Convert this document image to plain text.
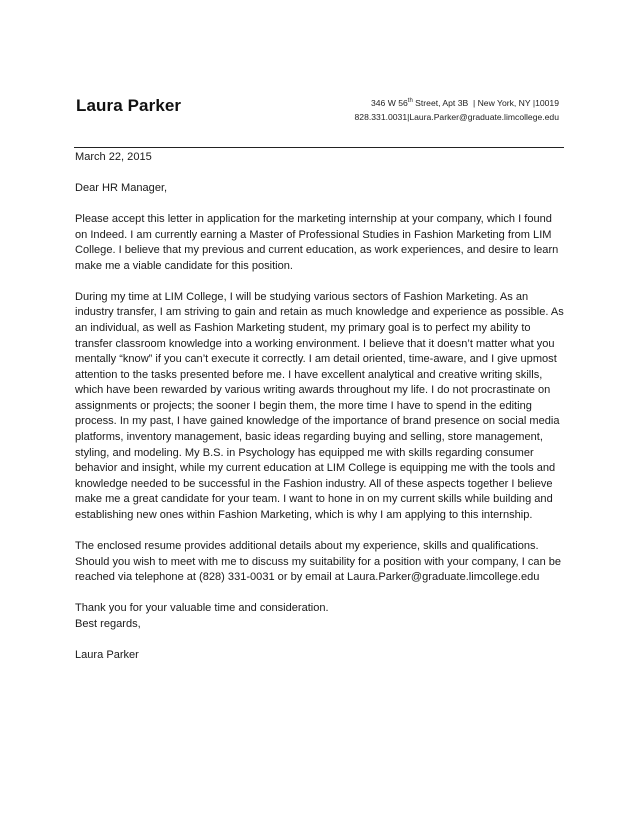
Laura Parker	346 W 56th Street, Apt 3B  | New York, NY |10019
828.331.0031|Laura.Parker@graduate.limcollege.edu

March 22, 2015

Dear HR Manager,

Please accept this letter in application for the marketing internship at your company, which I found on Indeed. I am currently earning a Master of Professional Studies in Fashion Marketing from LIM College. I believe that my previous and current education, as work experiences, and desire to learn make me a viable candidate for this position.

During my time at LIM College, I will be studying various sectors of Fashion Marketing. As an industry transfer, I am striving to gain and retain as much knowledge and experience as possible. As an individual, as well as Fashion Marketing student, my primary goal is to perfect my ability to transfer classroom knowledge into a working environment. I believe that it doesn’t matter what you mentally “know” if you can’t execute it correctly. I am detail oriented, time-aware, and I give upmost attention to the tasks presented before me. I have excellent analytical and creative writing skills, which have been rewarded by various writing awards throughout my life. I do not procrastinate on assignments or projects; the sooner I begin them, the more time I have to spend in the editing process. In my past, I have gained knowledge of the importance of brand presence on social media platforms, inventory management, basic ideas regarding buying and selling, store management, styling, and modeling. My B.S. in Psychology has equipped me with skills regarding consumer behavior and insight, while my current education at LIM College is equipping me with the tools and knowledge needed to be successful in the Fashion industry. All of these aspects together I believe make me a great candidate for your team. I want to hone in on my current skills while building and establishing new ones within Fashion Marketing, which is why I am applying to this internship.

The enclosed resume provides additional details about my experience, skills and qualifications. Should you wish to meet with me to discuss my suitability for a position with your company, I can be reached via telephone at (828) 331-0031 or by email at Laura.Parker@graduate.limcollege.edu

Thank you for your valuable time and consideration.

Best regards,

Laura Parker
